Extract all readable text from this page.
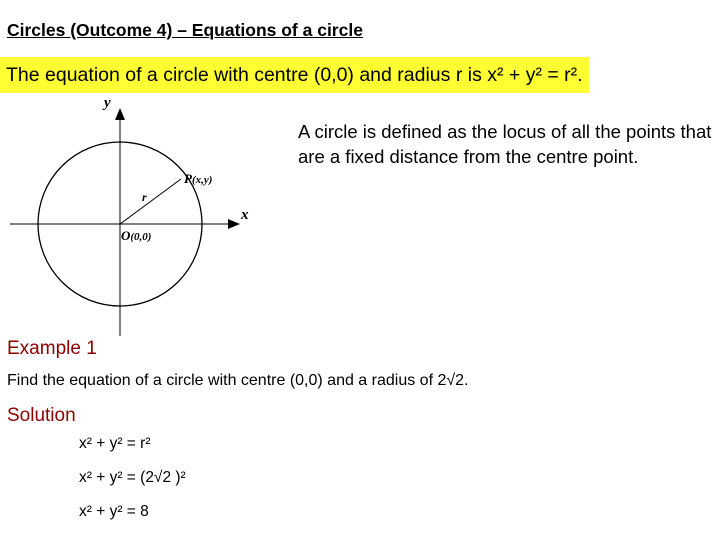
Circles (Outcome 4) – Equations of a circle
The equation of a circle with centre (0,0) and radius r is x² + y² = r².
A circle is defined as the locus of all the points that are a fixed distance from the centre point.
y
x
P(x,y)
r
O(0,0)
Example 1
Find the equation of a circle with centre (0,0) and a radius of 2√2.
Solution
x² + y² = r²
x² + y² = (2√2 )²
x² + y² = 8
